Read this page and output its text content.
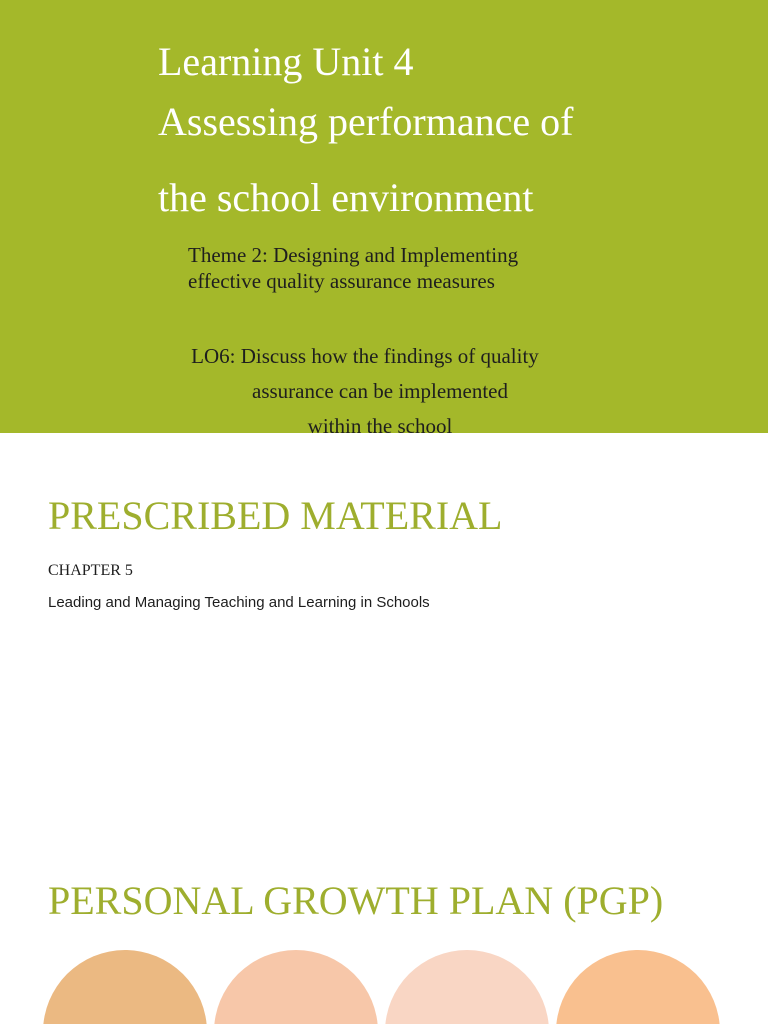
Learning Unit 4
Assessing performance of
the school environment
Theme 2: Designing and Implementing
effective quality assurance measures
LO6: Discuss how the findings of quality
assurance can be implemented
within the school
PRESCRIBED MATERIAL
CHAPTER 5
Leading and Managing Teaching and Learning in Schools
PERSONAL GROWTH PLAN (PGP)
